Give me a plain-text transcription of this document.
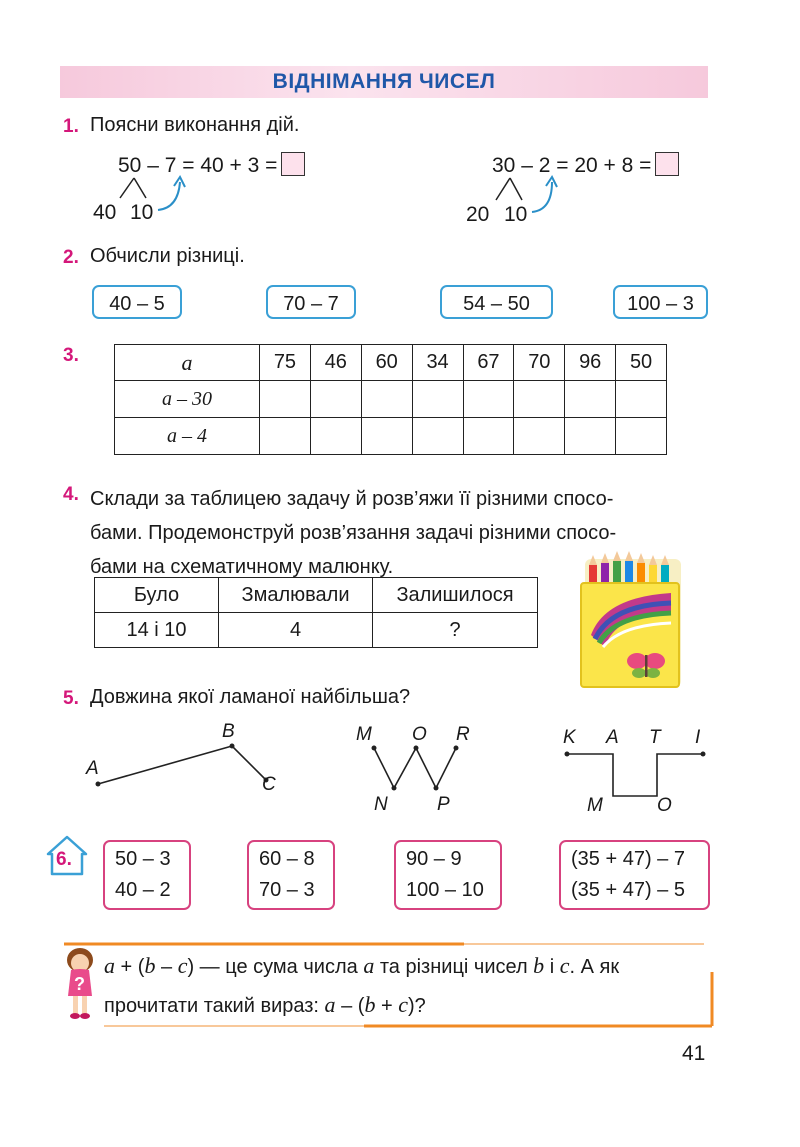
ВІДНІМАННЯ ЧИСЕЛ
1. Поясни виконання дій.
50 – 7 = 40 + 3 =
40 10
30 – 2 = 20 + 8 =
20 10
2. Обчисли різниці.
40 – 5	70 – 7	54 – 50	100 – 3
3.	a	75	46	60	34	67	70	96	50
a – 30								
a – 4								
4. Склади за таблицею задачу й розв’яжи її різними спосо-
бами. Продемонструй розв’язання задачі різними спосо-
бами на схематичному малюнку.
Було	Змалювали	Залишилося
14 і 10	4	?
5. Довжина якої ламаної найбільша?
A
B
C
M O R
N	P
K A T I
M	O
6. 50 – 3
40 – 2
60 – 8
70 – 3
90 – 9
100 – 10
(35 + 47) – 7
(35 + 47) – 5
?
a + (b – c) — це сума числа a та різниці чисел b і c. А як
прочитати такий вираз: a – (b + c)?
41
